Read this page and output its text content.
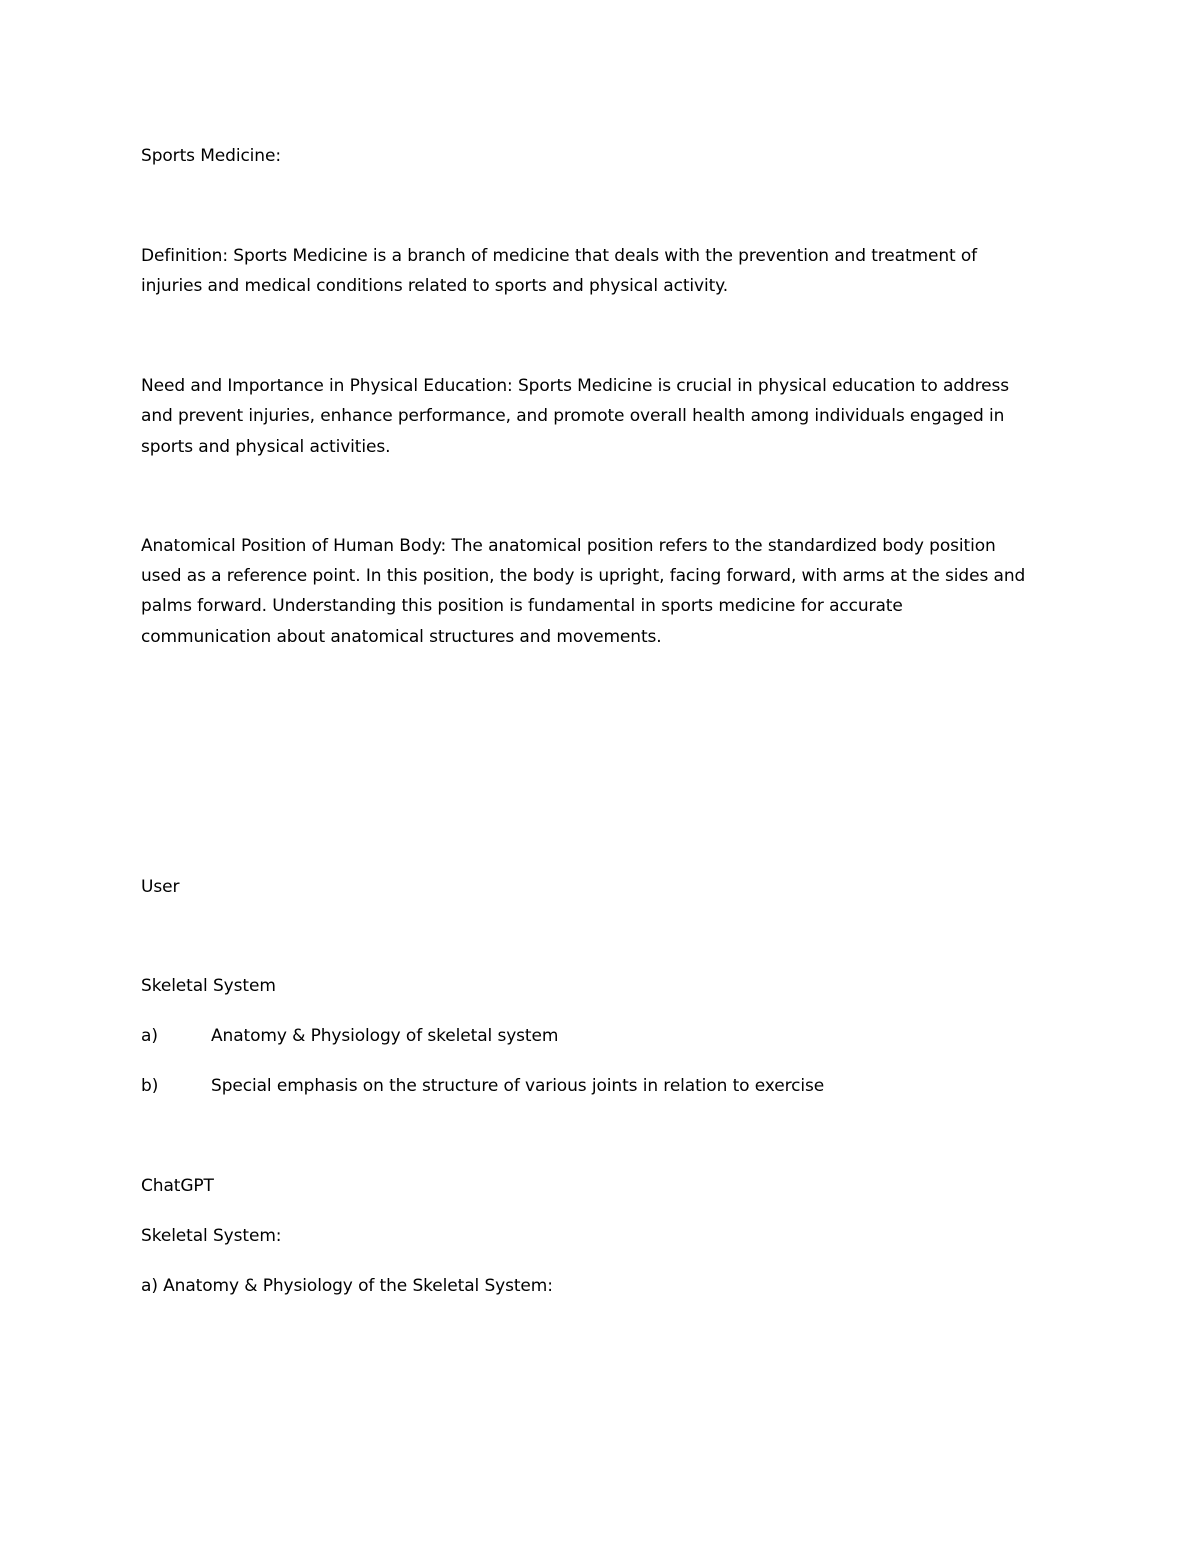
Sports Medicine:

Definition: Sports Medicine is a branch of medicine that deals with the prevention and treatment of

injuries and medical conditions related to sports and physical activity.

Need and Importance in Physical Education: Sports Medicine is crucial in physical education to address

and prevent injuries, enhance performance, and promote overall health among individuals engaged in

sports and physical activities.

Anatomical Position of Human Body: The anatomical position refers to the standardized body position

used as a reference point. In this position, the body is upright, facing forward, with arms at the sides and

palms forward. Understanding this position is fundamental in sports medicine for accurate

communication about anatomical structures and movements.

User

Skeletal System

a)	Anatomy & Physiology of skeletal system

b)	Special emphasis on the structure of various joints in relation to exercise

ChatGPT

Skeletal System:

a) Anatomy & Physiology of the Skeletal System:
